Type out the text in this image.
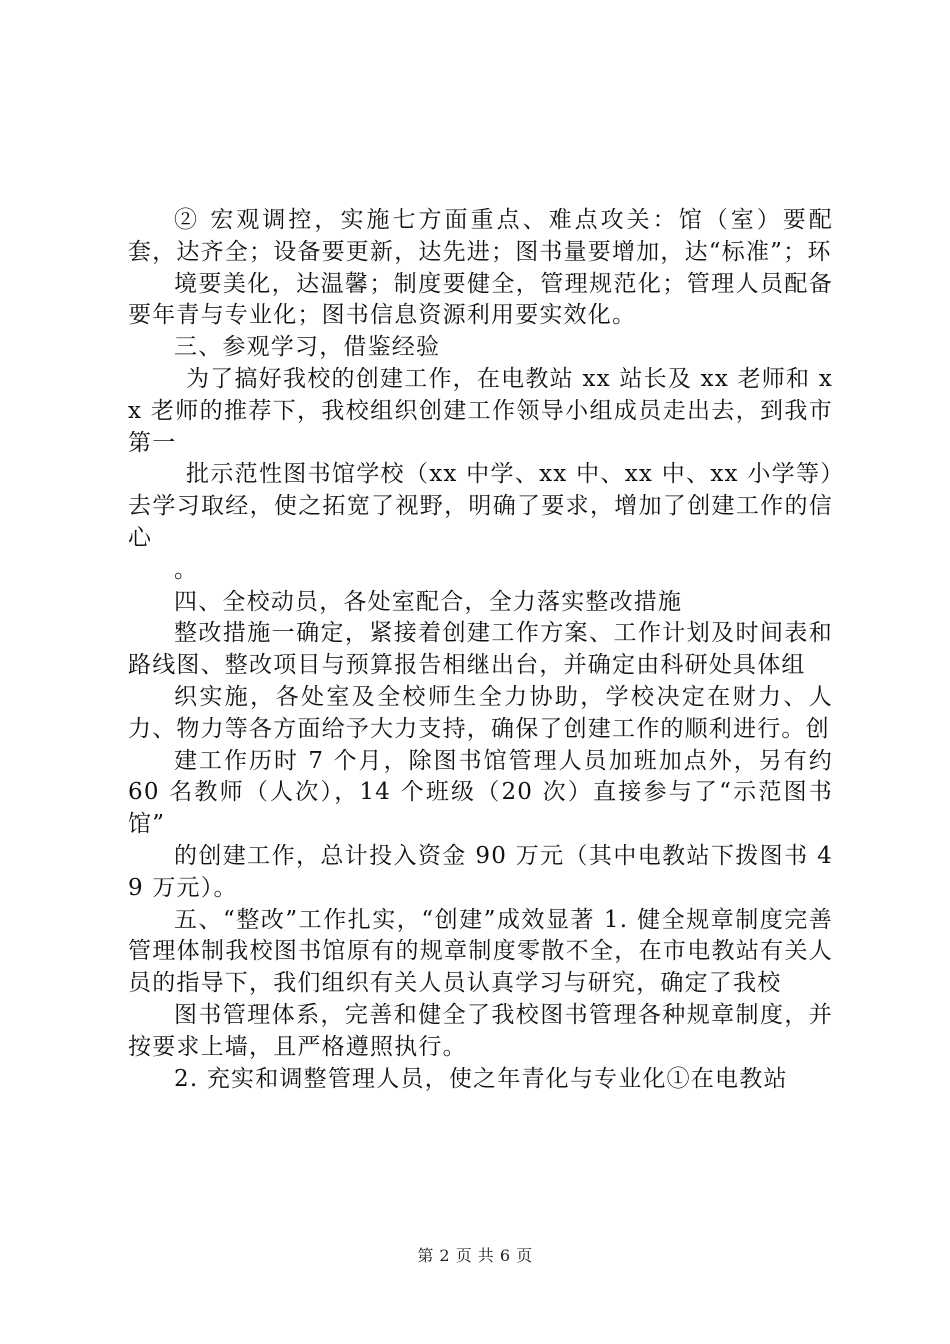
② 宏观调控，实施七方面重点、难点攻关：馆（室）要配套，达齐全；设备要更新，达先进；图书量要增加，达“标准”；环

境要美化，达温馨；制度要健全，管理规范化；管理人员配备要年青与专业化；图书信息资源利用要实效化。

三、参观学习，借鉴经验

为了搞好我校的创建工作，在电教站 xx 站长及 xx 老师和 xx 老师的推荐下，我校组织创建工作领导小组成员走出去，到我市第一

批示范性图书馆学校（xx 中学、xx 中、xx 中、xx 小学等）去学习取经，使之拓宽了视野，明确了要求，增加了创建工作的信心

。

四、全校动员，各处室配合，全力落实整改措施

整改措施一确定，紧接着创建工作方案、工作计划及时间表和路线图、整改项目与预算报告相继出台，并确定由科研处具体组

织实施，各处室及全校师生全力协助，学校决定在财力、人力、物力等各方面给予大力支持，确保了创建工作的顺利进行。创

建工作历时 7 个月，除图书馆管理人员加班加点外，另有约 60 名教师（人次），14 个班级（20 次）直接参与了“示范图书馆”

的创建工作，总计投入资金 90 万元（其中电教站下拨图书 49 万元）。

五、“整改”工作扎实，“创建”成效显著 1. 健全规章制度完善管理体制我校图书馆原有的规章制度零散不全，在市电教站有关人员的指导下，我们组织有关人员认真学习与研究，确定了我校

图书管理体系，完善和健全了我校图书管理各种规章制度，并按要求上墙，且严格遵照执行。

2. 充实和调整管理人员，使之年青化与专业化①在电教站

第 2 页 共 6 页
